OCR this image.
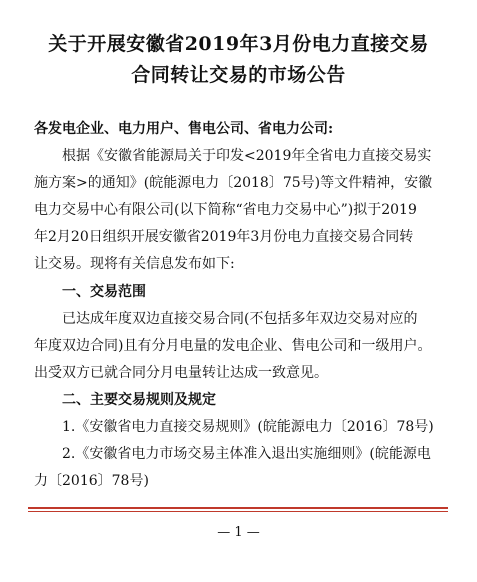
关于开展安徽省2019年3月份电力直接交易
合同转让交易的市场公告
各发电企业、电力用户、售电公司、省电力公司:
根据《安徽省能源局关于印发<2019年全省电力直接交易实
施方案>的通知》(皖能源电力〔2018〕75号)等文件精神，安徽
电力交易中心有限公司(以下简称“省电力交易中心”)拟于2019
年2月20日组织开展安徽省2019年3月份电力直接交易合同转
让交易。现将有关信息发布如下:
一、交易范围
已达成年度双边直接交易合同(不包括多年双边交易对应的
年度双边合同)且有分月电量的发电企业、售电公司和一级用户。
出受双方已就合同分月电量转让达成一致意见。
二、主要交易规则及规定
1.《安徽省电力直接交易规则》(皖能源电力〔2016〕78号)
2.《安徽省电力市场交易主体准入退出实施细则》(皖能源电
力〔2016〕78号)
— 1 —
